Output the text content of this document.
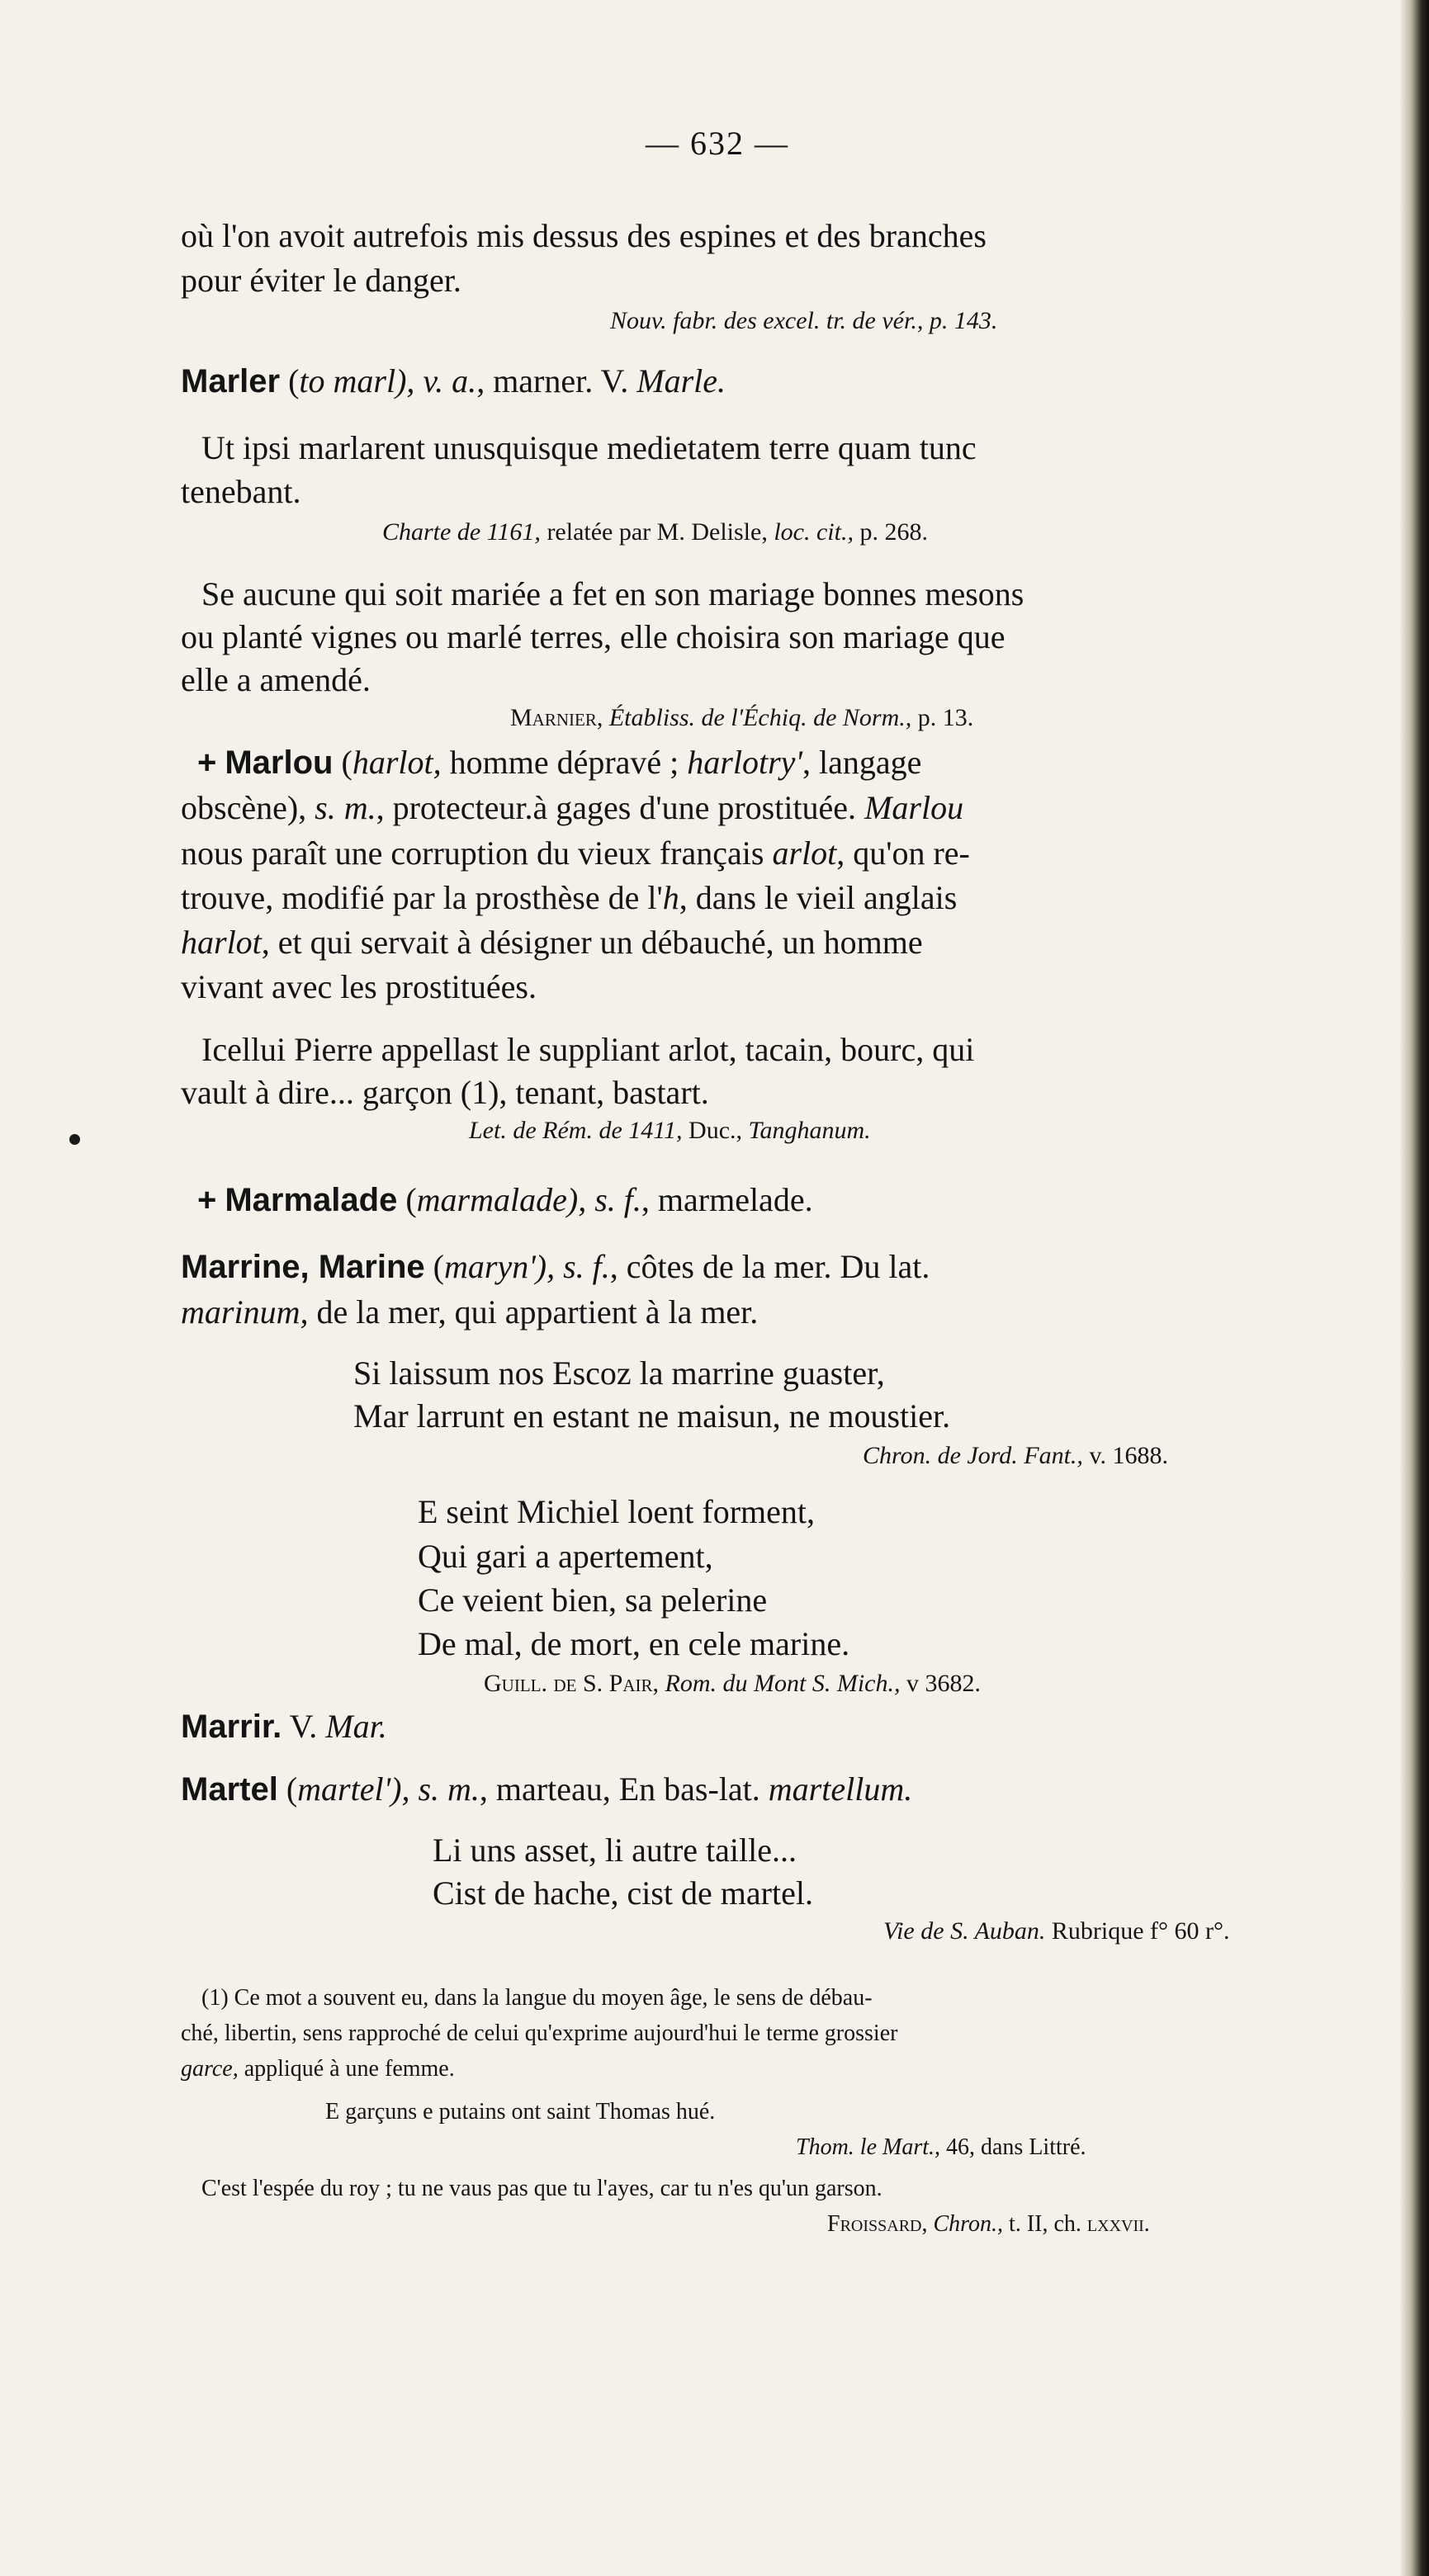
— 632 —
où l'on avoit autrefois mis dessus des espines et des branches
pour éviter le danger.
Nouv. fabr. des excel. tr. de vér., p. 143.
Marler (to marl), v. a., marner. V. Marle.
Ut ipsi marlarent unusquisque medietatem terre quam tunc
tenebant.
Charte de 1161, relatée par M. Delisle, loc. cit., p. 268.
Se aucune qui soit mariée a fet en son mariage bonnes mesons
ou planté vignes ou marlé terres, elle choisira son mariage que
elle a amendé.
Marnier, Établiss. de l'Échiq. de Norm., p. 13.
+ Marlou (harlot, homme dépravé ; harlotry', langage
obscène), s. m., protecteur.à gages d'une prostituée. Marlou
nous paraît une corruption du vieux français arlot, qu'on re-
trouve, modifié par la prosthèse de l'h, dans le vieil anglais
harlot, et qui servait à désigner un débauché, un homme
vivant avec les prostituées.
Icellui Pierre appellast le suppliant arlot, tacain, bourc, qui
vault à dire... garçon (1), tenant, bastart.
Let. de Rém. de 1411, Duc., Tanghanum.
+ Marmalade (marmalade), s. f., marmelade.
Marrine, Marine (maryn'), s. f., côtes de la mer. Du lat.
marinum, de la mer, qui appartient à la mer.
Si laissum nos Escoz la marrine guaster,
Mar larrunt en estant ne maisun, ne moustier.
Chron. de Jord. Fant., v. 1688.
E seint Michiel loent forment,
Qui gari a apertement,
Ce veient bien, sa pelerine
De mal, de mort, en cele marine.
Guill. de S. Pair, Rom. du Mont S. Mich., v 3682.
Marrir. V. Mar.
Martel (martel'), s. m., marteau, En bas-lat. martellum.
Li uns asset, li autre taille...
Cist de hache, cist de martel.
Vie de S. Auban. Rubrique f° 60 r°.
(1) Ce mot a souvent eu, dans la langue du moyen âge, le sens de débau-
ché, libertin, sens rapproché de celui qu'exprime aujourd'hui le terme grossier
garce, appliqué à une femme.
E garçuns e putains ont saint Thomas hué.
Thom. le Mart., 46, dans Littré.
C'est l'espée du roy ; tu ne vaus pas que tu l'ayes, car tu n'es qu'un garson.
Froissard, Chron., t. II, ch. lxxvii.
